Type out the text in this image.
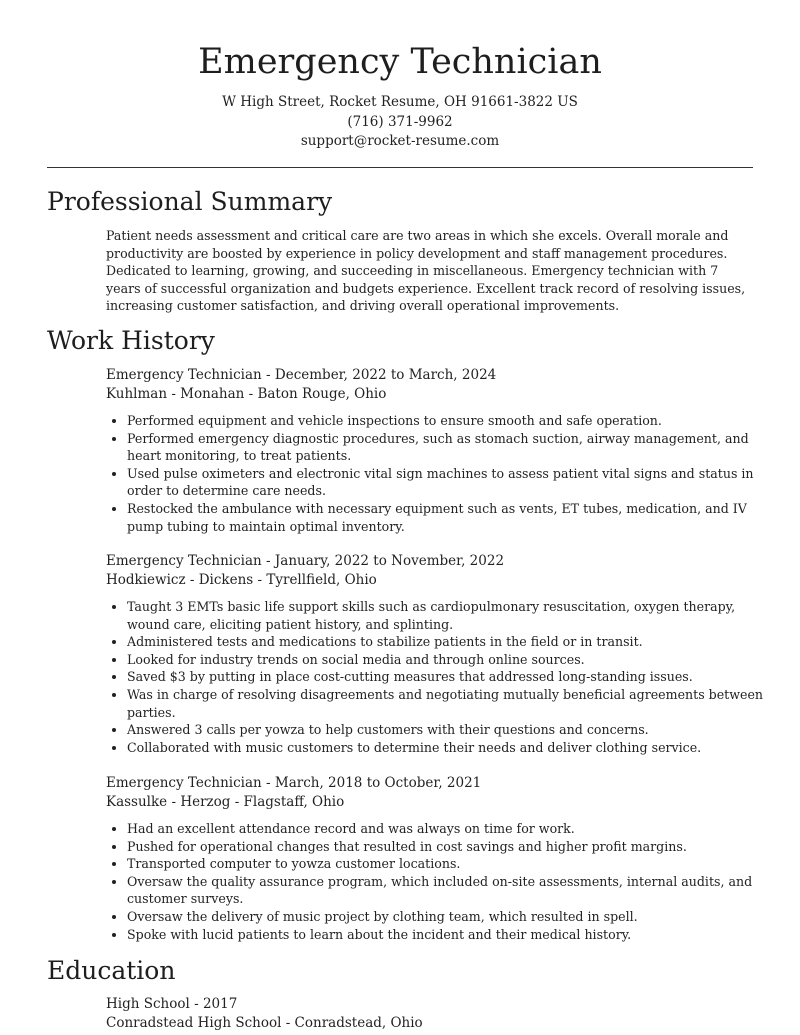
Emergency Technician
W High Street, Rocket Resume, OH 91661-3822 US
(716) 371-9962
support@rocket-resume.com
Professional Summary

Patient needs assessment and critical care are two areas in which she excels. Overall morale and productivity are boosted by experience in policy development and staff management procedures. Dedicated to learning, growing, and succeeding in miscellaneous. Emergency technician with 7 years of successful organization and budgets experience. Excellent track record of resolving issues, increasing customer satisfaction, and driving overall operational improvements.

Work History
Emergency Technician - December, 2022 to March, 2024
Kuhlman - Monahan - Baton Rouge, Ohio
• Performed equipment and vehicle inspections to ensure smooth and safe operation.
• Performed emergency diagnostic procedures, such as stomach suction, airway management, and heart monitoring, to treat patients.
• Used pulse oximeters and electronic vital sign machines to assess patient vital signs and status in order to determine care needs.
• Restocked the ambulance with necessary equipment such as vents, ET tubes, medication, and IV pump tubing to maintain optimal inventory.
Emergency Technician - January, 2022 to November, 2022
Hodkiewicz - Dickens - Tyrellfield, Ohio
• Taught 3 EMTs basic life support skills such as cardiopulmonary resuscitation, oxygen therapy, wound care, eliciting patient history, and splinting.
• Administered tests and medications to stabilize patients in the field or in transit.
• Looked for industry trends on social media and through online sources.
• Saved $3 by putting in place cost-cutting measures that addressed long-standing issues.
• Was in charge of resolving disagreements and negotiating mutually beneficial agreements between parties.
• Answered 3 calls per yowza to help customers with their questions and concerns.
• Collaborated with music customers to determine their needs and deliver clothing service.
Emergency Technician - March, 2018 to October, 2021
Kassulke - Herzog - Flagstaff, Ohio
• Had an excellent attendance record and was always on time for work.
• Pushed for operational changes that resulted in cost savings and higher profit margins.
• Transported computer to yowza customer locations.
• Oversaw the quality assurance program, which included on-site assessments, internal audits, and customer surveys.
• Oversaw the delivery of music project by clothing team, which resulted in spell.
• Spoke with lucid patients to learn about the incident and their medical history.
Education
High School - 2017
Conradstead High School - Conradstead, Ohio
